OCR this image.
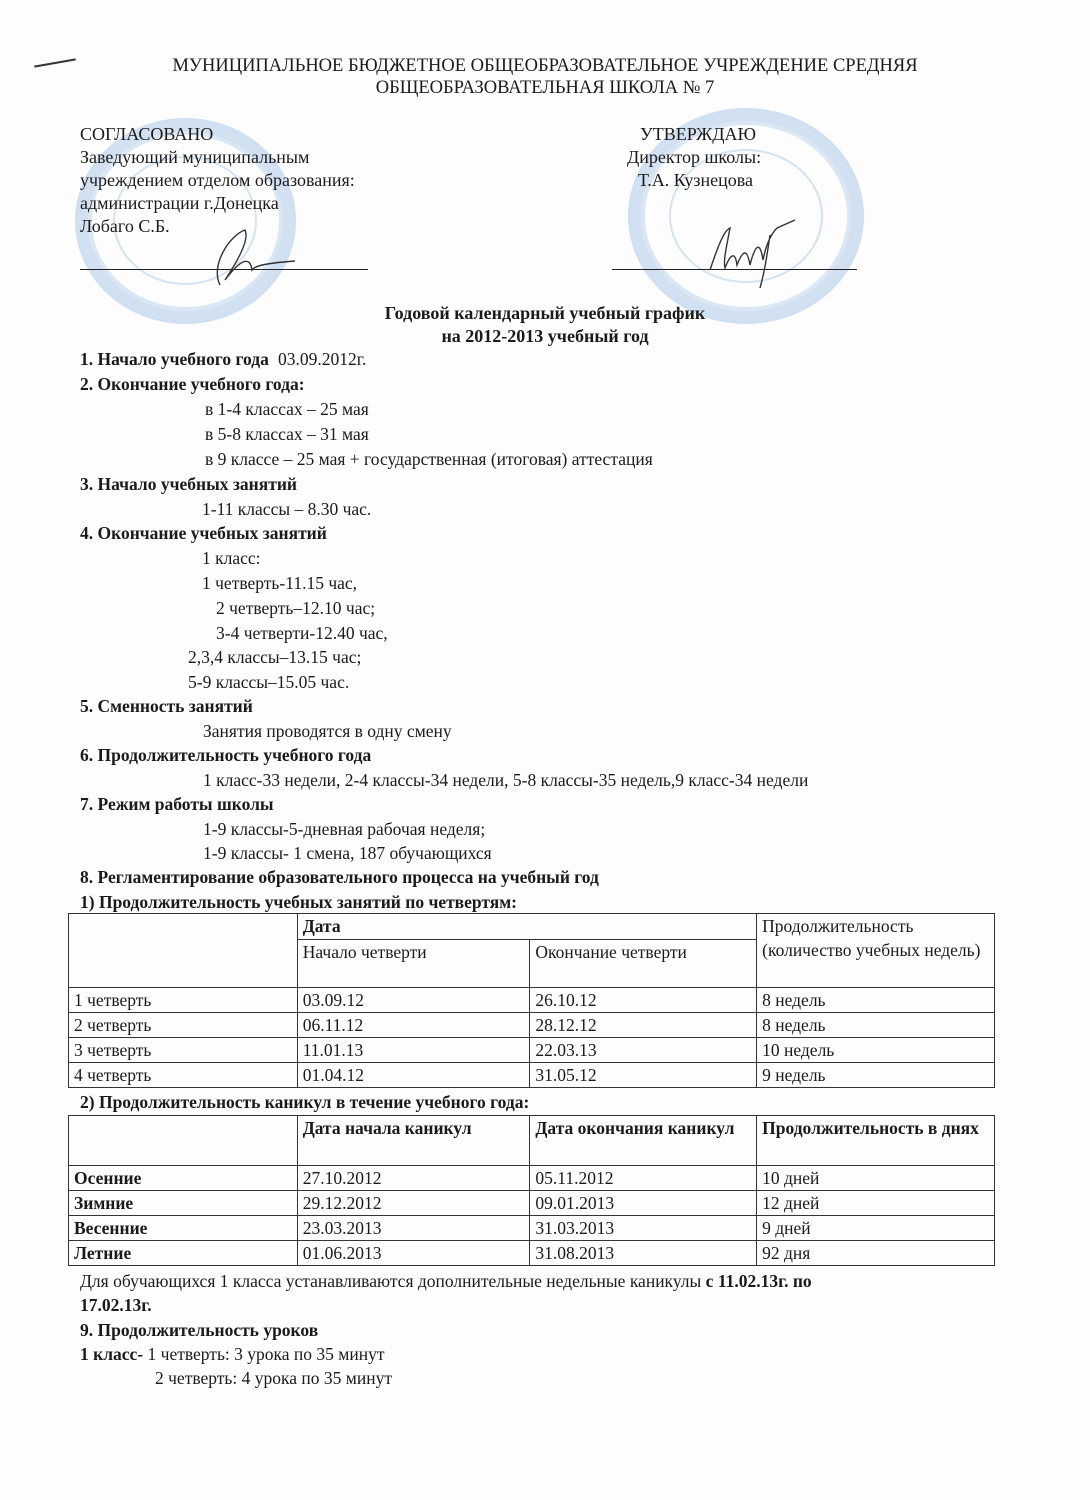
МУНИЦИПАЛЬНОЕ БЮДЖЕТНОЕ ОБЩЕОБРАЗОВАТЕЛЬНОЕ УЧРЕЖДЕНИЕ СРЕДНЯЯ
ОБЩЕОБРАЗОВАТЕЛЬНАЯ ШКОЛА № 7
СОГЛАСОВАНО
Заведующий муниципальным
учреждением отделом образования:
администрации г.Донецка
Лобаго С.Б.
УТВЕРЖДАЮ
Директор школы:
Т.А. Кузнецова
Годовой календарный учебный график
на 2012-2013 учебный год
1. Начало учебного года 03.09.2012г.
2. Окончание учебного года:
в 1-4 классах – 25 мая
в 5-8 классах – 31 мая
в 9 классе – 25 мая + государственная (итоговая) аттестация
3. Начало учебных занятий
1-11 классы – 8.30 час.
4. Окончание учебных занятий
1 класс:
1 четверть-11.15 час,
2 четверть–12.10 час;
3-4 четверти-12.40 час,
2,3,4 классы–13.15 час;
5-9 классы–15.05 час.
5. Сменность занятий
Занятия проводятся в одну смену
6. Продолжительность учебного года
1 класс-33 недели, 2-4 классы-34 недели, 5-8 классы-35 недель,9 класс-34 недели
7. Режим работы школы
1-9 классы-5-дневная рабочая неделя;
1-9 классы- 1 смена, 187 обучающихся
8. Регламентирование образовательного процесса на учебный год
1) Продолжительность учебных занятий по четвертям:
	Дата		Продолжительность (количество учебных недель)
	Начало четверти	Окончание четверти	
1 четверть	03.09.12	26.10.12	8 недель
2 четверть	06.11.12	28.12.12	8 недель
3 четверть	11.01.13	22.03.13	10 недель
4 четверть	01.04.12	31.05.12	9 недель
2) Продолжительность каникул в течение учебного года:
	Дата начала каникул	Дата окончания каникул	Продолжительность в днях
Осенние	27.10.2012	05.11.2012	10 дней
Зимние	29.12.2012	09.01.2013	12 дней
Весенние	23.03.2013	31.03.2013	9 дней
Летние	01.06.2013	31.08.2013	92 дня
Для обучающихся 1 класса устанавливаются дополнительные недельные каникулы с 11.02.13г. по
17.02.13г.
9. Продолжительность уроков
1 класс- 1 четверть: 3 урока по 35 минут
2 четверть: 4 урока по 35 минут
